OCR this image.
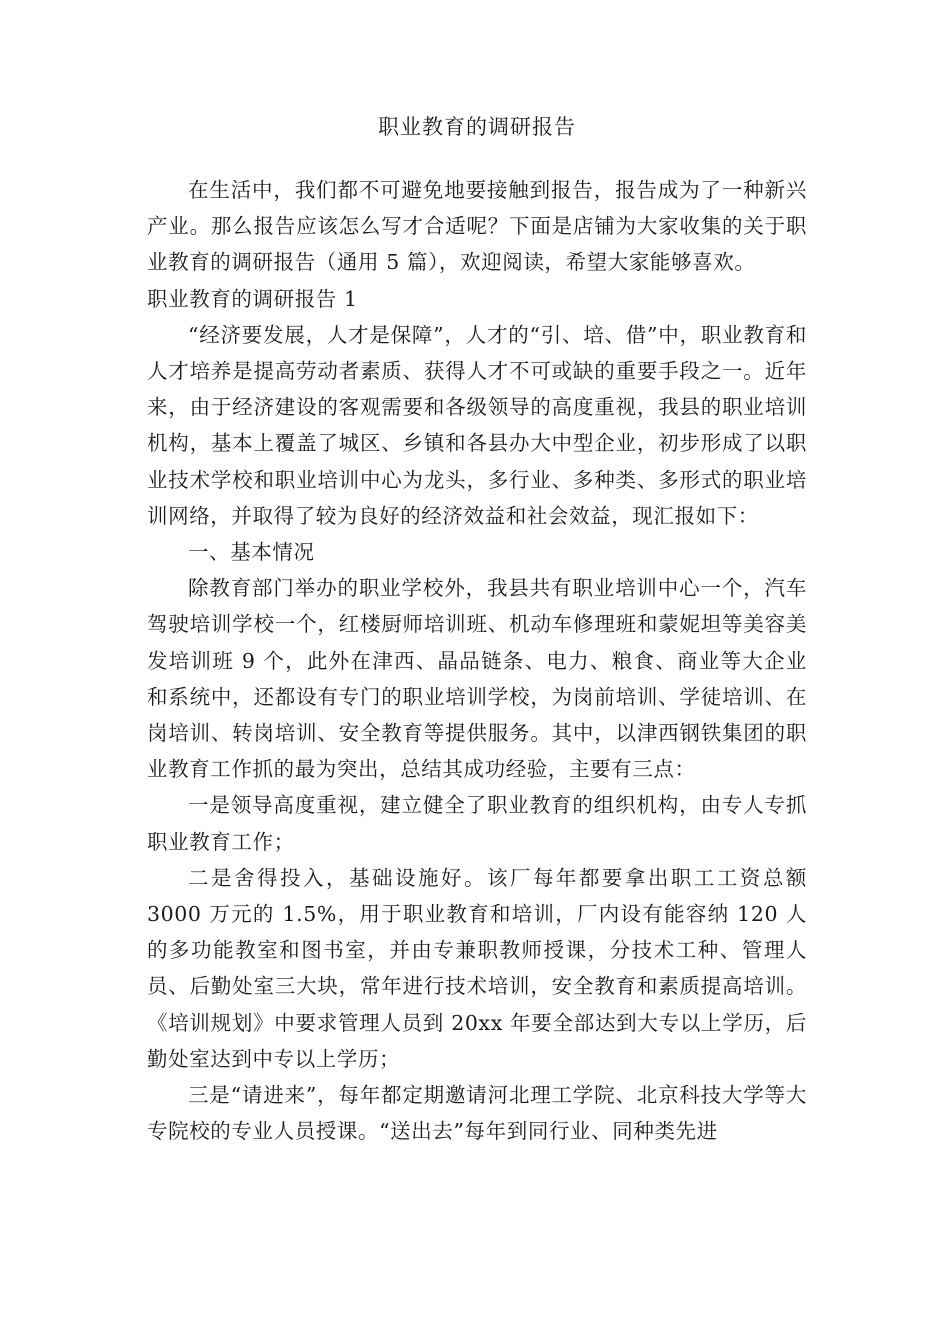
职业教育的调研报告

在生活中，我们都不可避免地要接触到报告，报告成为了一种新兴产业。那么报告应该怎么写才合适呢？下面是店铺为大家收集的关于职业教育的调研报告（通用 5 篇），欢迎阅读，希望大家能够喜欢。

职业教育的调研报告 1

“经济要发展，人才是保障”，人才的“引、培、借”中，职业教育和人才培养是提高劳动者素质、获得人才不可或缺的重要手段之一。近年来，由于经济建设的客观需要和各级领导的高度重视，我县的职业培训机构，基本上覆盖了城区、乡镇和各县办大中型企业，初步形成了以职业技术学校和职业培训中心为龙头，多行业、多种类、多形式的职业培训网络，并取得了较为良好的经济效益和社会效益，现汇报如下：

一、基本情况

除教育部门举办的职业学校外，我县共有职业培训中心一个，汽车驾驶培训学校一个，红楼厨师培训班、机动车修理班和蒙妮坦等美容美发培训班 9 个，此外在津西、晶品链条、电力、粮食、商业等大企业和系统中，还都设有专门的职业培训学校，为岗前培训、学徒培训、在岗培训、转岗培训、安全教育等提供服务。其中，以津西钢铁集团的职业教育工作抓的最为突出，总结其成功经验，主要有三点：

一是领导高度重视，建立健全了职业教育的组织机构，由专人专抓职业教育工作；

二是舍得投入，基础设施好。该厂每年都要拿出职工工资总额 3000 万元的 1.5%，用于职业教育和培训，厂内设有能容纳 120 人的多功能教室和图书室，并由专兼职教师授课，分技术工种、管理人员、后勤处室三大块，常年进行技术培训，安全教育和素质提高培训。《培训规划》中要求管理人员到 20xx 年要全部达到大专以上学历，后勤处室达到中专以上学历；

三是“请进来”，每年都定期邀请河北理工学院、北京科技大学等大专院校的专业人员授课。“送出去”每年到同行业、同种类先进
